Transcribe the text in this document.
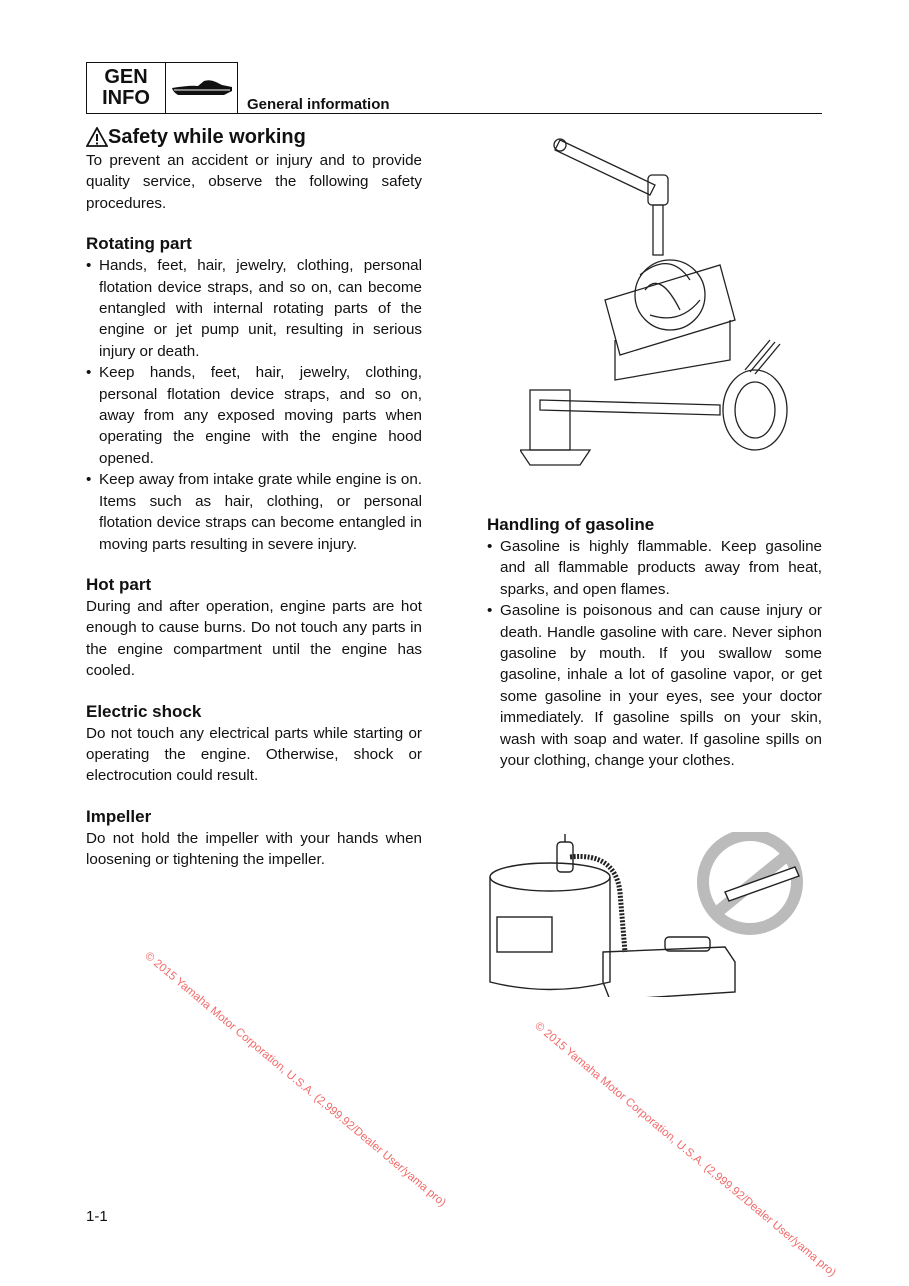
GEN
INFO	General information
Safety while working

To prevent an accident or injury and to provide quality service, observe the following safety procedures.

Rotating part
• Hands, feet, hair, jewelry, clothing, personal flotation device straps, and so on, can become entangled with internal rotating parts of the engine or jet pump unit, resulting in serious injury or death.
• Keep hands, feet, hair, jewelry, clothing, personal flotation device straps, and so on, away from any exposed moving parts when operating the engine with the engine hood opened.
• Keep away from intake grate while engine is on. Items such as hair, clothing, or personal flotation device straps can become entangled in moving parts resulting in severe injury.
Hot part

During and after operation, engine parts are hot enough to cause burns. Do not touch any parts in the engine compartment until the engine has cooled.

Electric shock

Do not touch any electrical parts while starting or operating the engine. Otherwise, shock or electrocution could result.

Impeller

Do not hold the impeller with your hands when loosening or tightening the impeller.

Handling of gasoline
• Gasoline is highly flammable. Keep gasoline and all flammable products away from heat, sparks, and open flames.
• Gasoline is poisonous and can cause injury or death. Handle gasoline with care. Never siphon gasoline by mouth. If you swallow some gasoline, inhale a lot of gasoline vapor, or get some gasoline in your eyes, see your doctor immediately. If gasoline spills on your skin, wash with soap and water. If gasoline spills on your clothing, change your clothes.
1-1
© 2015 Yamaha Motor Corporation, U.S.A. (2,999.92/Dealer User/yama pro)	© 2015 Yamaha Motor Corporation, U.S.A. (2,999.92/Dealer User/yama pro)
